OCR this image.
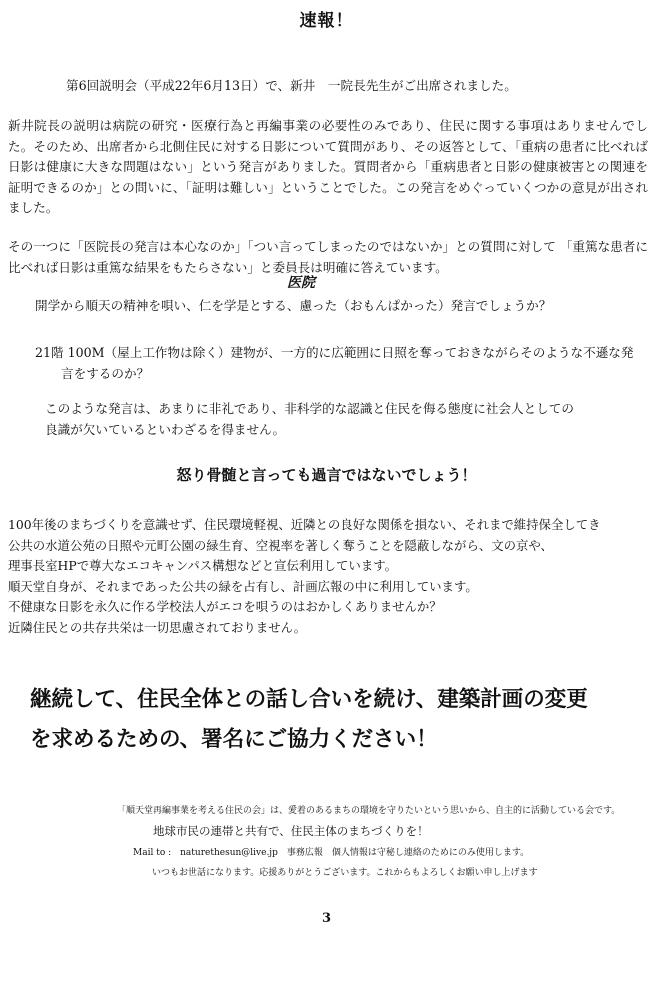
速報！

第6回説明会（平成22年6月13日）で、新井　一院長先生がご出席されました。

新井院長の説明は病院の研究・医療行為と再編事業の必要性のみであり、住民に関する事項はありませんでした。そのため、出席者から北側住民に対する日影について質問があり、その返答として、「重病の患者に比べれば日影は健康に大きな問題はない」という発言がありました。質問者から「重病患者と日影の健康被害との関連を証明できるのか」との問いに、「証明は難しい」ということでした。この発言をめぐっていくつかの意見が出されました。

その一つに「医院長の発言は本心なのか」「つい言ってしまったのではないか」との質問に対して 「重篤な患者に比べれば日影は重篤な結果をもたらさない」と委員長は明確に答えています。

医院

開学から順天の精神を唄い、仁を学是とする、慮った（おもんぱかった）発言でしょうか？

21階 100M（屋上工作物は除く）建物が、一方的に広範囲に日照を奪っておきながらそのような不遜な発
言をするのか？

このような発言は、あまりに非礼であり、非科学的な認識と住民を侮る態度に社会人としての
良識が欠いているといわざるを得ません。

怒り骨髄と言っても過言ではないでしょう！
100年後のまちづくりを意識せず、住民環境軽視、近隣との良好な関係を損ない、それまで維持保全してき
公共の水道公苑の日照や元町公園の緑生育、空視率を著しく奪うことを隠蔽しながら、文の京や、
理事長室HPで尊大なエコキャンパス構想などと宣伝利用しています。
順天堂自身が、それまであった公共の緑を占有し、計画広報の中に利用しています。
不健康な日影を永久に作る学校法人がエコを唄うのはおかしくありませんか？
近隣住民との共存共栄は一切思慮されておりません。
継続して、住民全体との話し合いを続け、建築計画の変更
を求めるための、署名にご協力ください！
「順天堂再編事業を考える住民の会」は、愛着のあるまちの環境を守りたいという思いから、自主的に活動している会です。
地球市民の連帯と共有で、住民主体のまちづくりを！
Mail to :　naturethesun@live.jp　事務広報　個人情報は守秘し連絡のためにのみ使用します。
いつもお世話になります。応援ありがとうございます。これからもよろしくお願い申し上げます
3
